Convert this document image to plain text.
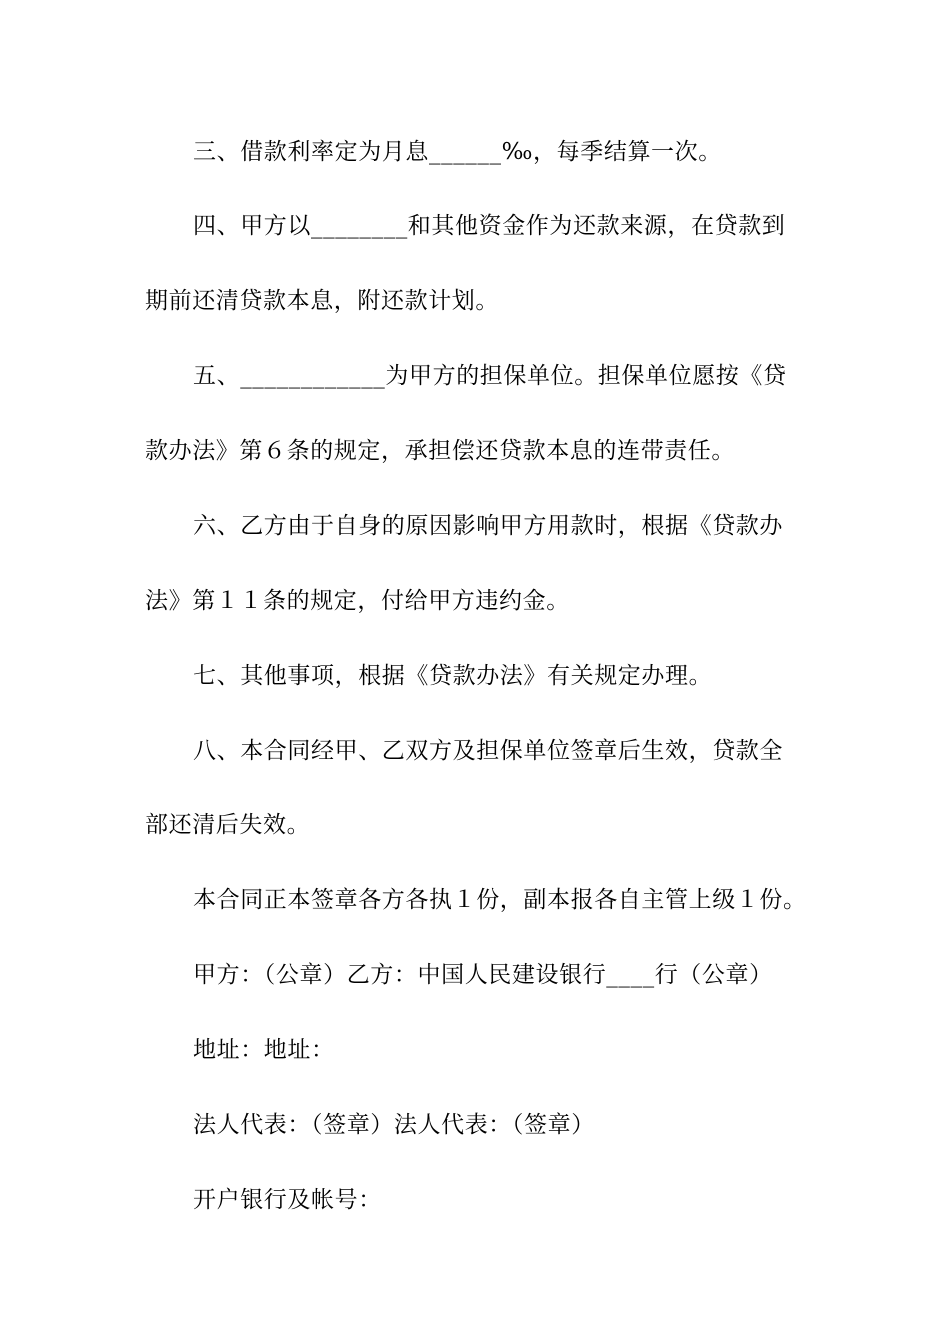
三、借款利率定为月息______‰，每季结算一次。
四、甲方以________和其他资金作为还款来源，在贷款到
期前还清贷款本息，附还款计划。
五、____________为甲方的担保单位。担保单位愿按《贷
款办法》第６条的规定，承担偿还贷款本息的连带责任。
六、乙方由于自身的原因影响甲方用款时，根据《贷款办
法》第１１条的规定，付给甲方违约金。
七、其他事项，根据《贷款办法》有关规定办理。
八、本合同经甲、乙双方及担保单位签章后生效，贷款全
部还清后失效。
本合同正本签章各方各执１份，副本报各自主管上级１份。
甲方：（公章）乙方：中国人民建设银行____行（公章）
地址：地址：
法人代表：（签章）法人代表：（签章）
开户银行及帐号：
